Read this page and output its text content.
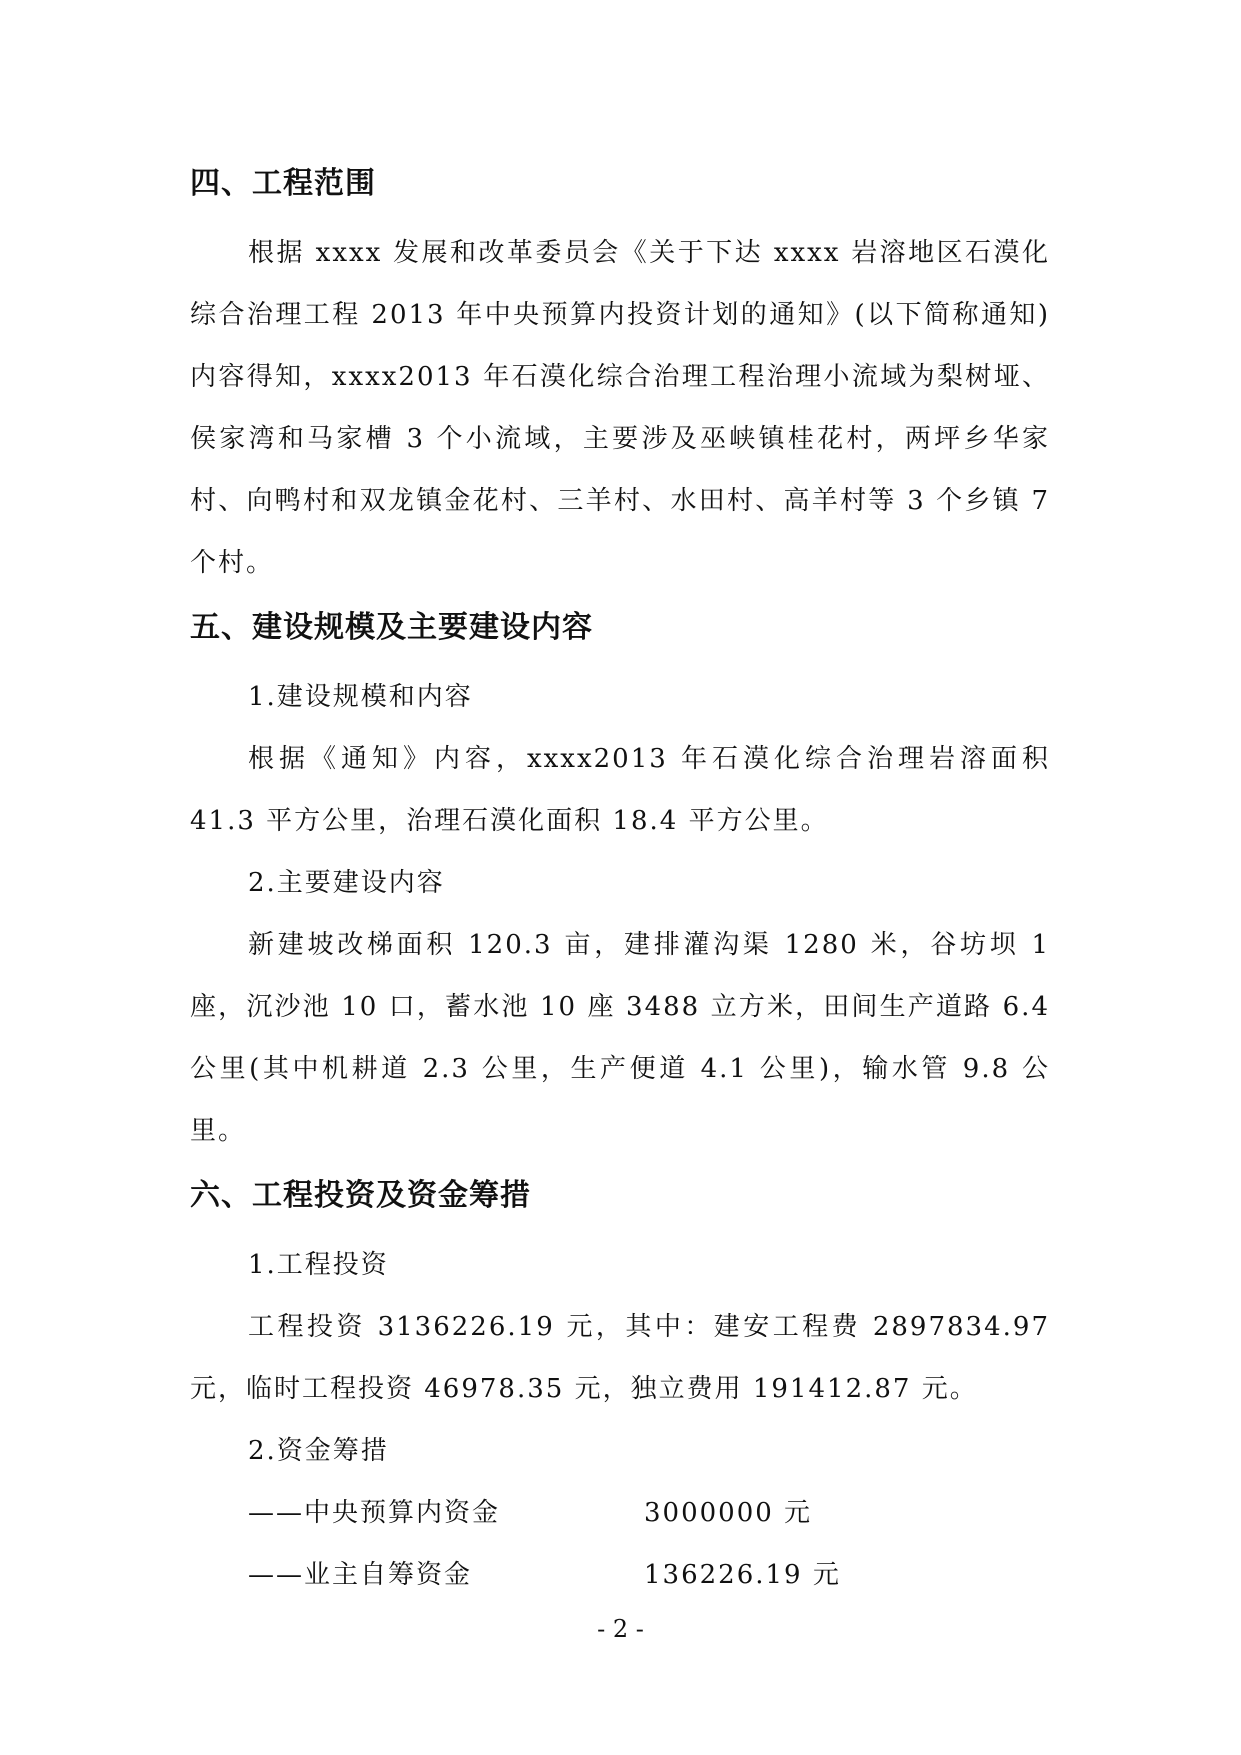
四、工程范围

根据 xxxx 发展和改革委员会《关于下达 xxxx 岩溶地区石漠化综合治理工程 2013 年中央预算内投资计划的通知》(以下简称通知)内容得知，xxxx2013 年石漠化综合治理工程治理小流域为梨树垭、侯家湾和马家槽 3 个小流域，主要涉及巫峡镇桂花村，两坪乡华家村、向鸭村和双龙镇金花村、三羊村、水田村、高羊村等 3 个乡镇 7 个村。

五、建设规模及主要建设内容

1.建设规模和内容

根据《通知》内容，xxxx2013 年石漠化综合治理岩溶面积 41.3 平方公里，治理石漠化面积 18.4 平方公里。

2.主要建设内容

新建坡改梯面积 120.3 亩，建排灌沟渠 1280 米，谷坊坝 1 座，沉沙池 10 口，蓄水池 10 座 3488 立方米，田间生产道路 6.4 公里(其中机耕道 2.3 公里，生产便道 4.1 公里)，输水管 9.8 公里。

六、工程投资及资金筹措

1.工程投资

工程投资 3136226.19 元，其中：建安工程费 2897834.97 元，临时工程投资 46978.35 元，独立费用 191412.87 元。

2.资金筹措

——中央预算内资金	3000000 元
——业主自筹资金	136226.19 元
- 2 -
